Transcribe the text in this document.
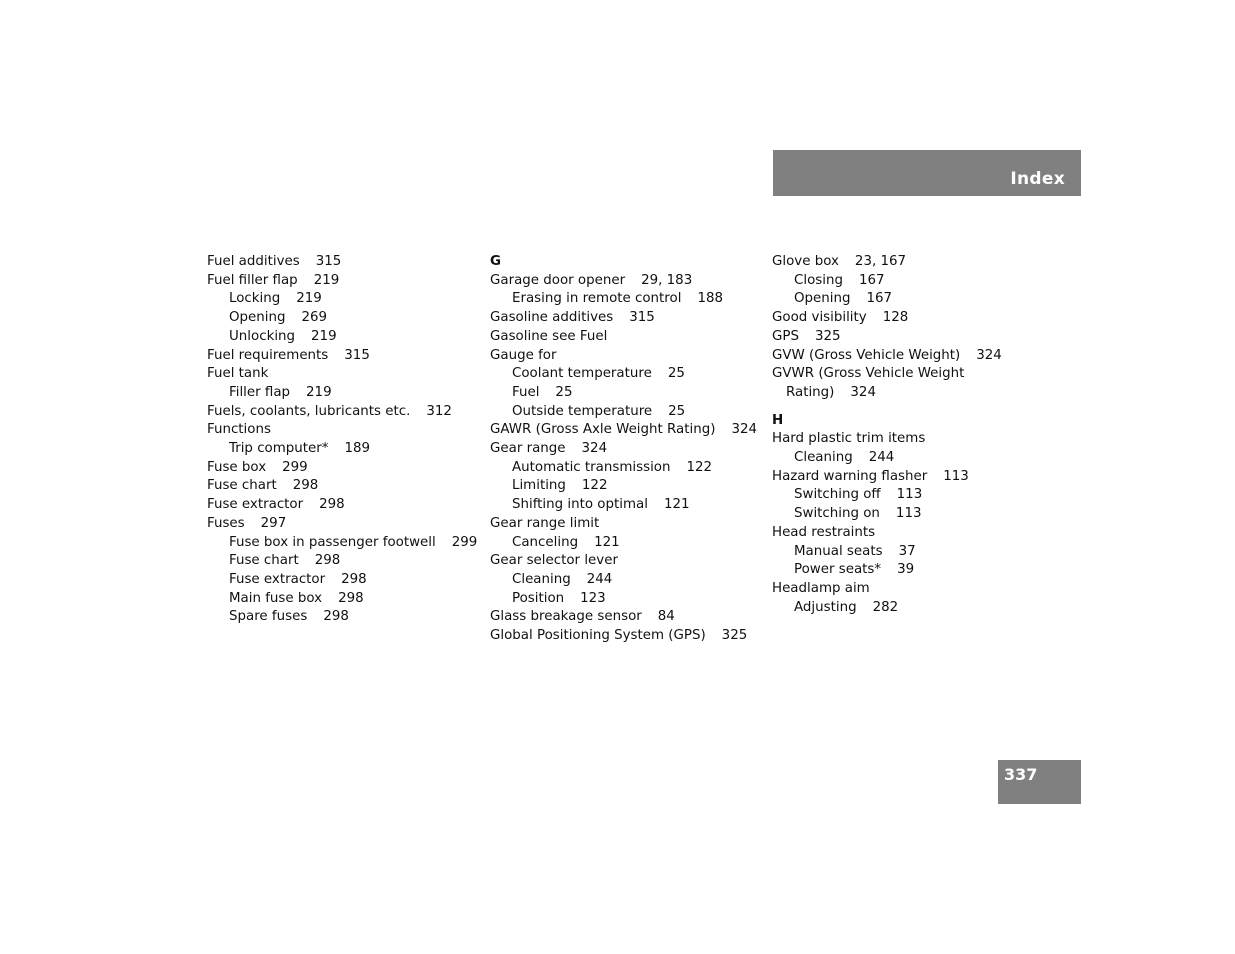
Index
Fuel additives 315
Fuel filler flap 219
Locking 219
Opening 269
Unlocking 219
Fuel requirements 315
Fuel tank
Filler flap 219
Fuels, coolants, lubricants etc. 312
Functions
Trip computer* 189
Fuse box 299
Fuse chart 298
Fuse extractor 298
Fuses 297
Fuse box in passenger footwell 299
Fuse chart 298
Fuse extractor 298
Main fuse box 298
Spare fuses 298
G
Garage door opener 29, 183
Erasing in remote control 188
Gasoline additives 315
Gasoline see Fuel
Gauge for
Coolant temperature 25
Fuel 25
Outside temperature 25
GAWR (Gross Axle Weight Rating) 324
Gear range 324
Automatic transmission 122
Limiting 122
Shifting into optimal 121
Gear range limit
Canceling 121
Gear selector lever
Cleaning 244
Position 123
Glass breakage sensor 84
Global Positioning System (GPS) 325
Glove box 23, 167
Closing 167
Opening 167
Good visibility 128
GPS 325
GVW (Gross Vehicle Weight) 324
GVWR (Gross Vehicle Weight
Rating) 324
H
Hard plastic trim items
Cleaning 244
Hazard warning flasher 113
Switching off 113
Switching on 113
Head restraints
Manual seats 37
Power seats* 39
Headlamp aim
Adjusting 282
337
